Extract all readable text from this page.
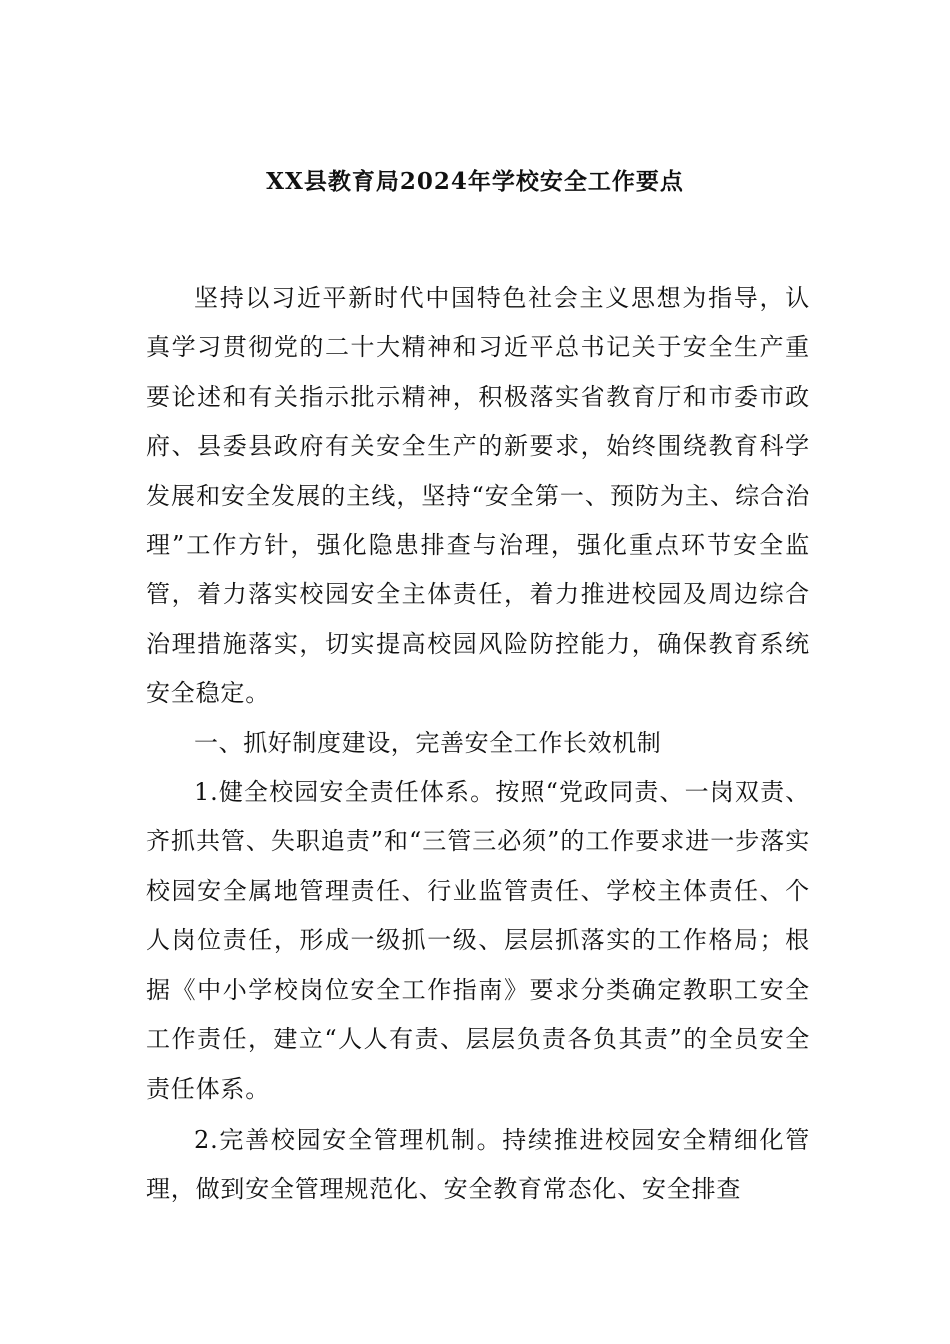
XX县教育局2024年学校安全工作要点

坚持以习近平新时代中国特色社会主义思想为指导，认真学习贯彻党的二十大精神和习近平总书记关于安全生产重要论述和有关指示批示精神，积极落实省教育厅和市委市政府、县委县政府有关安全生产的新要求，始终围绕教育科学发展和安全发展的主线，坚持“安全第一、预防为主、综合治理”工作方针，强化隐患排查与治理，强化重点环节安全监管，着力落实校园安全主体责任，着力推进校园及周边综合治理措施落实，切实提高校园风险防控能力，确保教育系统安全稳定。

一、抓好制度建设，完善安全工作长效机制

1.健全校园安全责任体系。按照“党政同责、一岗双责、齐抓共管、失职追责”和“三管三必须”的工作要求进一步落实校园安全属地管理责任、行业监管责任、学校主体责任、个人岗位责任，形成一级抓一级、层层抓落实的工作格局；根据《中小学校岗位安全工作指南》要求分类确定教职工安全工作责任，建立“人人有责、层层负责各负其责”的全员安全责任体系。

2.完善校园安全管理机制。持续推进校园安全精细化管理，做到安全管理规范化、安全教育常态化、安全排查
